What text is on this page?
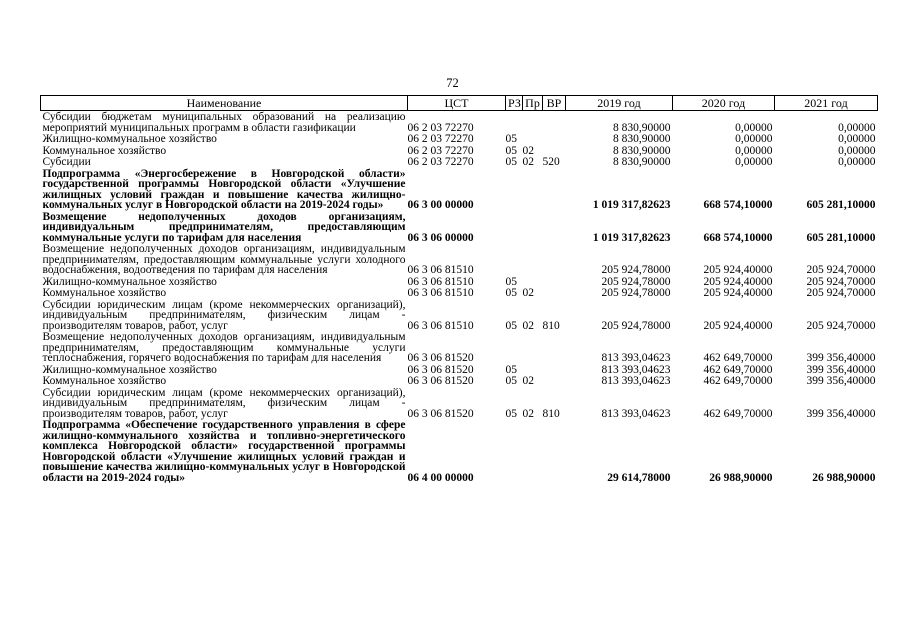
72
Наименование	ЦСТ	РЗ	Пр	ВР	2019 год	2020 год	2021 год
Субсидии бюджетам муниципальных образований на реализацию мероприятий муниципальных программ в области газификации	06 2 03 72270				8 830,90000	0,00000	0,00000
Жилищно-коммунальное хозяйство	06 2 03 72270	05			8 830,90000	0,00000	0,00000
Коммунальное хозяйство	06 2 03 72270	05	02		8 830,90000	0,00000	0,00000
Субсидии	06 2 03 72270	05	02	520	8 830,90000	0,00000	0,00000
Подпрограмма «Энергосбережение в Новгородской области» государственной программы Новгородской области «Улучшение жилищных условий граждан и повышение качества жилищно-коммунальных услуг в Новгородской области на 2019-2024 годы»	06 3 00 00000				1 019 317,82623	668 574,10000	605 281,10000
Возмещение недополученных доходов организациям, индивидуальным предпринимателям, предоставляющим коммунальные услуги по тарифам для населения	06 3 06 00000				1 019 317,82623	668 574,10000	605 281,10000
Возмещение недополученных доходов организациям, индивидуальным предпринимателям, предоставляющим коммунальные услуги холодного водоснабжения, водоотведения по тарифам для населения	06 3 06 81510				205 924,78000	205 924,40000	205 924,70000
Жилищно-коммунальное хозяйство	06 3 06 81510	05			205 924,78000	205 924,40000	205 924,70000
Коммунальное хозяйство	06 3 06 81510	05	02		205 924,78000	205 924,40000	205 924,70000
Субсидии юридическим лицам (кроме некоммерческих организаций), индивидуальным предпринимателям, физическим лицам - производителям товаров, работ, услуг	06 3 06 81510	05	02	810	205 924,78000	205 924,40000	205 924,70000
Возмещение недополученных доходов организациям, индивидуальным предпринимателям, предоставляющим коммунальные услуги теплоснабжения, горячего водоснабжения по тарифам для населения	06 3 06 81520				813 393,04623	462 649,70000	399 356,40000
Жилищно-коммунальное хозяйство	06 3 06 81520	05			813 393,04623	462 649,70000	399 356,40000
Коммунальное хозяйство	06 3 06 81520	05	02		813 393,04623	462 649,70000	399 356,40000
Субсидии юридическим лицам (кроме некоммерческих организаций), индивидуальным предпринимателям, физическим лицам - производителям товаров, работ, услуг	06 3 06 81520	05	02	810	813 393,04623	462 649,70000	399 356,40000
Подпрограмма «Обеспечение государственного управления в сфере жилищно-коммунального хозяйства и топливно-энергетического комплекса Новгородской области» государственной программы Новгородской области «Улучшение жилищных условий граждан и повышение качества жилищно-коммунальных услуг в Новгородской области на 2019-2024 годы»	06 4 00 00000				29 614,78000	26 988,90000	26 988,90000
